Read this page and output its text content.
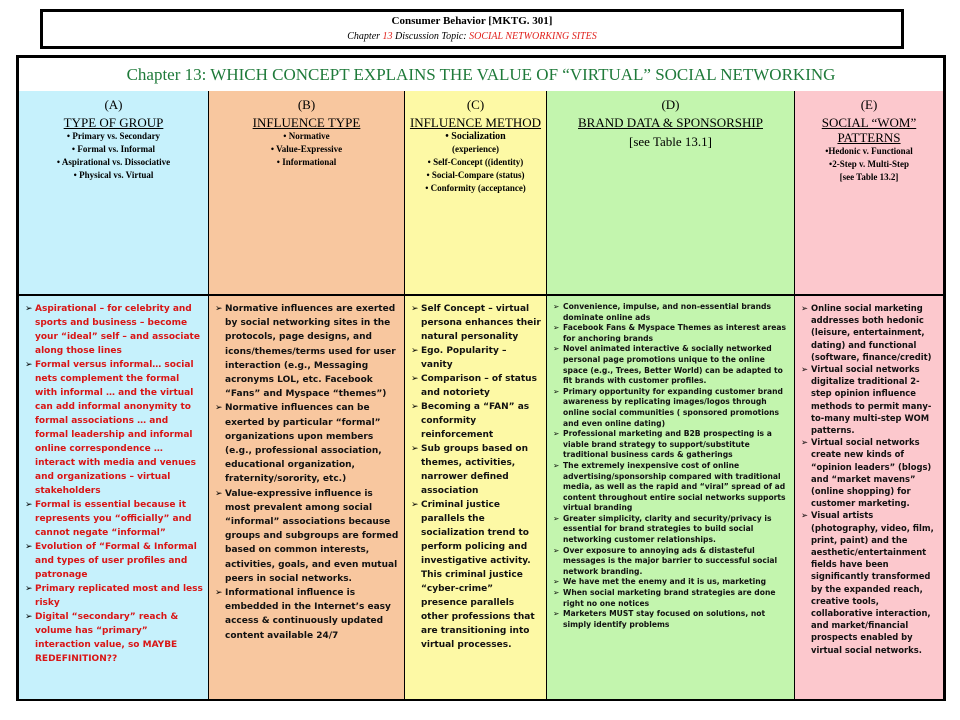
Consumer Behavior [MKTG. 301]
Chapter 13 Discussion Topic: SOCIAL NETWORKING SITES
Chapter 13: WHICH CONCEPT EXPLAINS THE VALUE OF “VIRTUAL” SOCIAL NETWORKING
(A)
TYPE OF GROUP
• Primary vs. Secondary
• Formal vs. Informal
• Aspirational vs. Dissociative
• Physical vs. Virtual
(B)
INFLUENCE TYPE
• Normative
• Value-Expressive
• Informational
(C)
INFLUENCE METHOD
• Socialization
(experience)
• Self-Concept ((identity)
• Social-Compare (status)
• Conformity (acceptance)
(D)
BRAND DATA & SPONSORSHIP
[see Table 13.1]
(E)
SOCIAL “WOM” PATTERNS
•Hedonic v. Functional
•2-Step v. Multi-Step
[see Table 13.2]
➢ Aspirational – for celebrity and sports and business – become your “ideal” self – and associate along those lines
➢ Formal versus informal… social nets complement the formal with informal … and the virtual can add informal anonymity to formal associations … and formal leadership and informal online correspondence … interact with media and venues and organizations – virtual stakeholders
➢ Formal is essential because it represents you “officially” and cannot negate “informal”
➢ Evolution of “Formal & Informal and types of user profiles and patronage
➢ Primary replicated most and less risky
➢ Digital “secondary” reach & volume has “primary” interaction value, so MAYBE REDEFINITION??
➢ Normative influences are exerted by social networking sites in the protocols, page designs, and icons/themes/terms used for user interaction (e.g., Messaging acronyms LOL, etc. Facebook “Fans” and Myspace “themes”)
➢ Normative influences can be exerted by particular “formal” organizations upon members (e.g., professional association, educational organization, fraternity/sorority, etc.)
➢ Value-expressive influence is most prevalent among social “informal” associations because groups and subgroups are formed based on common interests, activities, goals, and even mutual peers in social networks.
➢ Informational influence is embedded in the Internet’s easy access & continuously updated content available 24/7
➢ Self Concept – virtual persona enhances their natural personality
➢ Ego. Popularity – vanity
➢ Comparison – of status and notoriety
➢ Becoming a “FAN” as conformity reinforcement
➢ Sub groups based on themes, activities, narrower defined association
➢ Criminal justice parallels the socialization trend to perform policing and investigative activity. This criminal justice “cyber-crime” presence parallels other professions that are transitioning into virtual processes.
➢ Convenience, impulse, and non-essential brands dominate online ads
➢ Facebook Fans & Myspace Themes as interest areas for anchoring brands
➢ Novel animated interactive & socially networked personal page promotions unique to the online space (e.g., Trees, Better World) can be adapted to fit brands with customer profiles.
➢ Primary opportunity for expanding customer brand awareness by replicating images/logos through online social communities ( sponsored promotions and even online dating)
➢ Professional marketing and B2B prospecting is a viable brand strategy to support/substitute traditional business cards & gatherings
➢ The extremely inexpensive cost of online advertising/sponsorship compared with traditional media, as well as the rapid and “viral” spread of ad content throughout entire social networks supports virtual branding
➢ Greater simplicity, clarity and security/privacy is essential for brand strategies to build social networking customer relationships.
➢ Over exposure to annoying ads & distasteful messages is the major barrier to successful social network branding.
➢ We have met the enemy and it is us, marketing
➢ When social marketing brand strategies are done right no one notices
➢ Marketers MUST stay focused on solutions, not simply identify problems
➢ Online social marketing addresses both hedonic (leisure, entertainment, dating) and functional (software, finance/credit)
➢ Virtual social networks digitalize traditional 2-step opinion influence methods to permit many-to-many multi-step WOM patterns.
➢ Virtual social networks create new kinds of “opinion leaders” (blogs) and “market mavens” (online shopping) for customer marketing.
➢ Visual artists (photography, video, film, print, paint) and the aesthetic/entertainment fields have been significantly transformed by the expanded reach, creative tools, collaborative interaction, and market/financial prospects enabled by virtual social networks.
